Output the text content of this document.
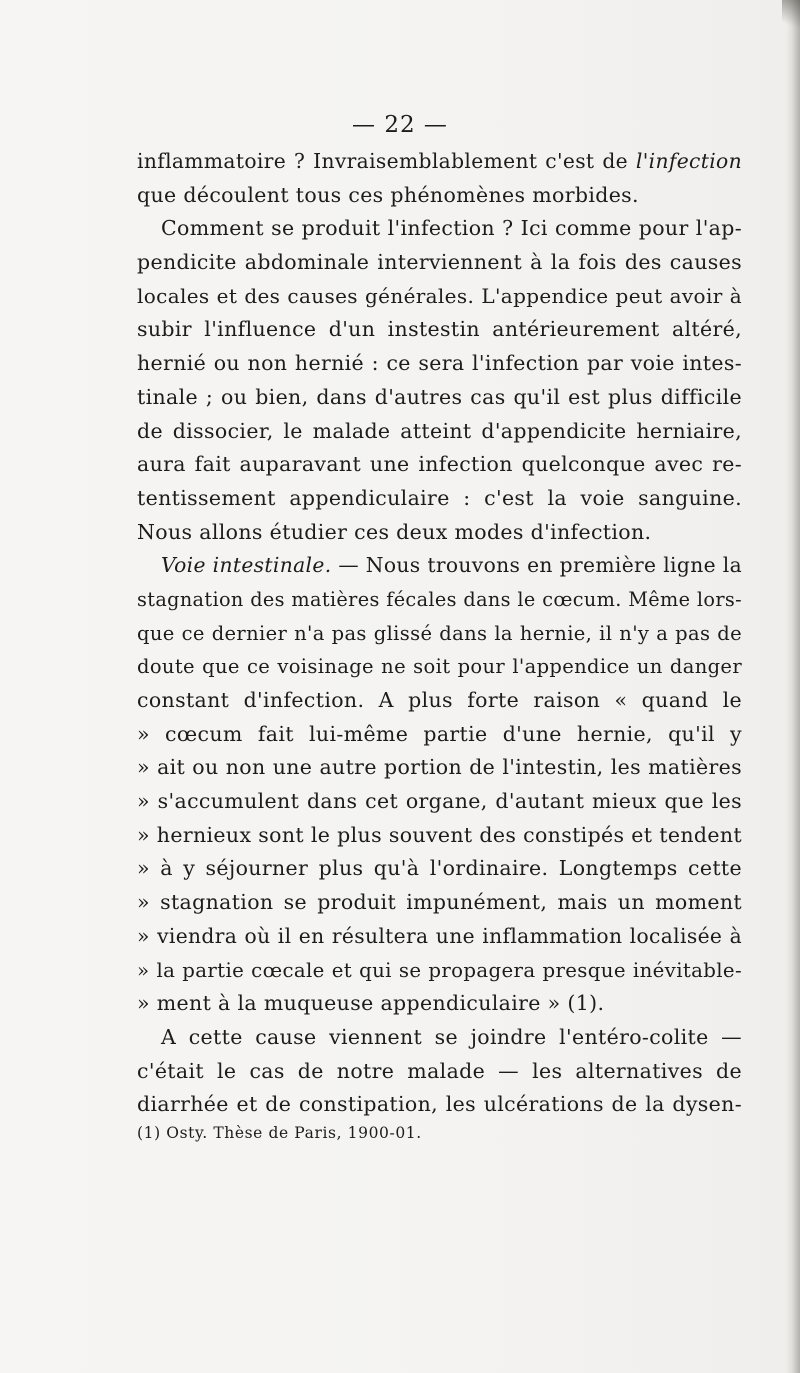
— 22 —
inflammatoire ? Invraisemblablement c'est de l'infection
que découlent tous ces phénomènes morbides.
Comment se produit l'infection ? Ici comme pour l'ap-
pendicite abdominale interviennent à la fois des causes
locales et des causes générales. L'appendice peut avoir à
subir l'influence d'un instestin antérieurement altéré,
hernié ou non hernié : ce sera l'infection par voie intes-
tinale ; ou bien, dans d'autres cas qu'il est plus difficile
de dissocier, le malade atteint d'appendicite herniaire,
aura fait auparavant une infection quelconque avec re-
tentissement appendiculaire : c'est la voie sanguine.
Nous allons étudier ces deux modes d'infection.
Voie intestinale. — Nous trouvons en première ligne la
stagnation des matières fécales dans le cœcum. Même lors-
que ce dernier n'a pas glissé dans la hernie, il n'y a pas de
doute que ce voisinage ne soit pour l'appendice un danger
constant d'infection. A plus forte raison « quand le
» cœcum fait lui-même partie d'une hernie, qu'il y
» ait ou non une autre portion de l'intestin, les matières
» s'accumulent dans cet organe, d'autant mieux que les
» hernieux sont le plus souvent des constipés et tendent
» à y séjourner plus qu'à l'ordinaire. Longtemps cette
» stagnation se produit impunément, mais un moment
» viendra où il en résultera une inflammation localisée à
» la partie cœcale et qui se propagera presque inévitable-
» ment à la muqueuse appendiculaire » (1).
A cette cause viennent se joindre l'entéro-colite —
c'était le cas de notre malade — les alternatives de
diarrhée et de constipation, les ulcérations de la dysen-
(1) Osty. Thèse de Paris, 1900-01.
